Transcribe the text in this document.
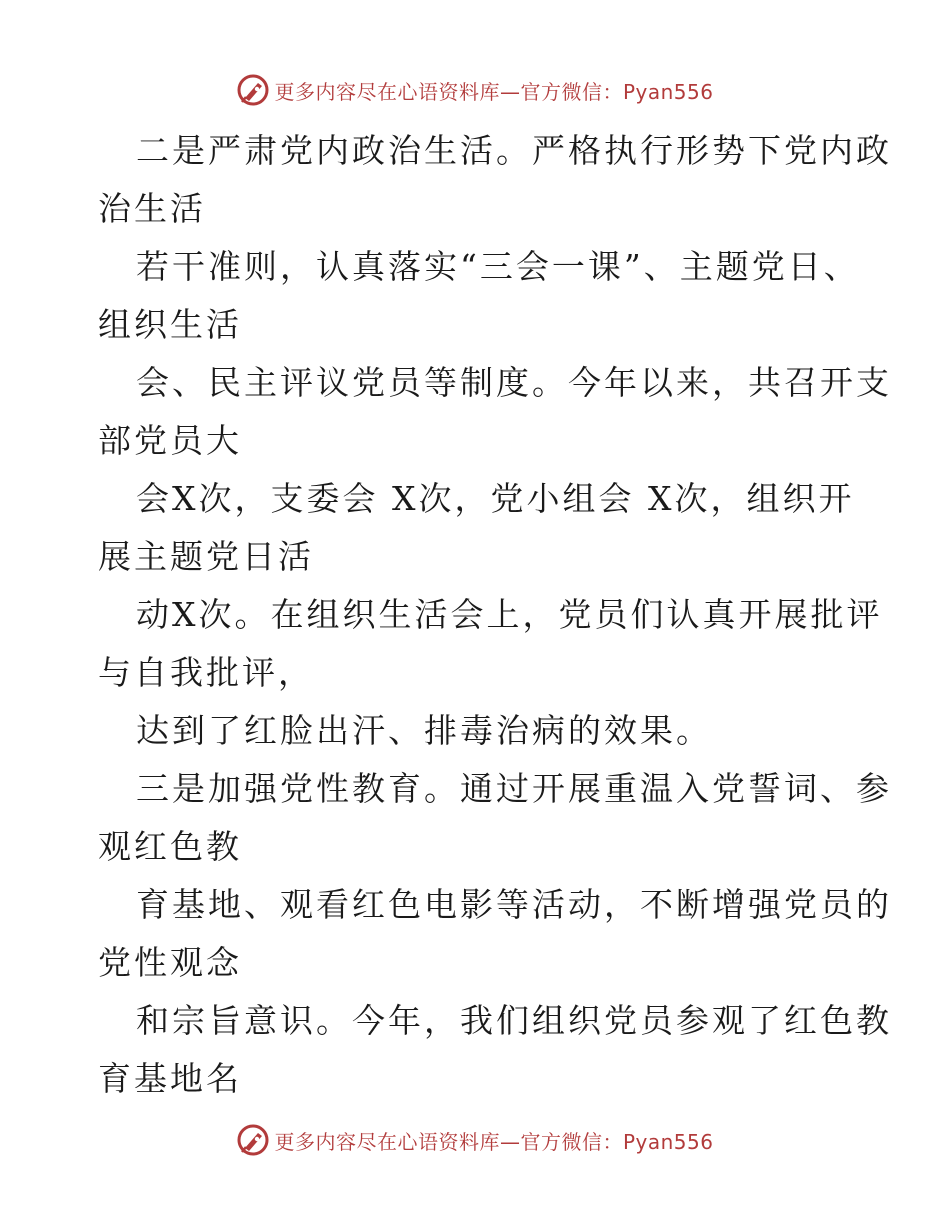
更多内容尽在心语资料库—官方微信：Pyan556
二是严肃党内政治生活。严格执行形势下党内政
治生活
若干准则，认真落实“三会一课”、主题党日、
组织生活
会、民主评议党员等制度。今年以来，共召开支
部党员大
会X次，支委会 X次，党小组会 X次，组织开
展主题党日活
动X次。在组织生活会上，党员们认真开展批评
与自我批评，
达到了红脸出汗、排毒治病的效果。
三是加强党性教育。通过开展重温入党誓词、参
观红色教
育基地、观看红色电影等活动，不断增强党员的
党性观念
和宗旨意识。今年，我们组织党员参观了红色教
育基地名
更多内容尽在心语资料库—官方微信：Pyan556
